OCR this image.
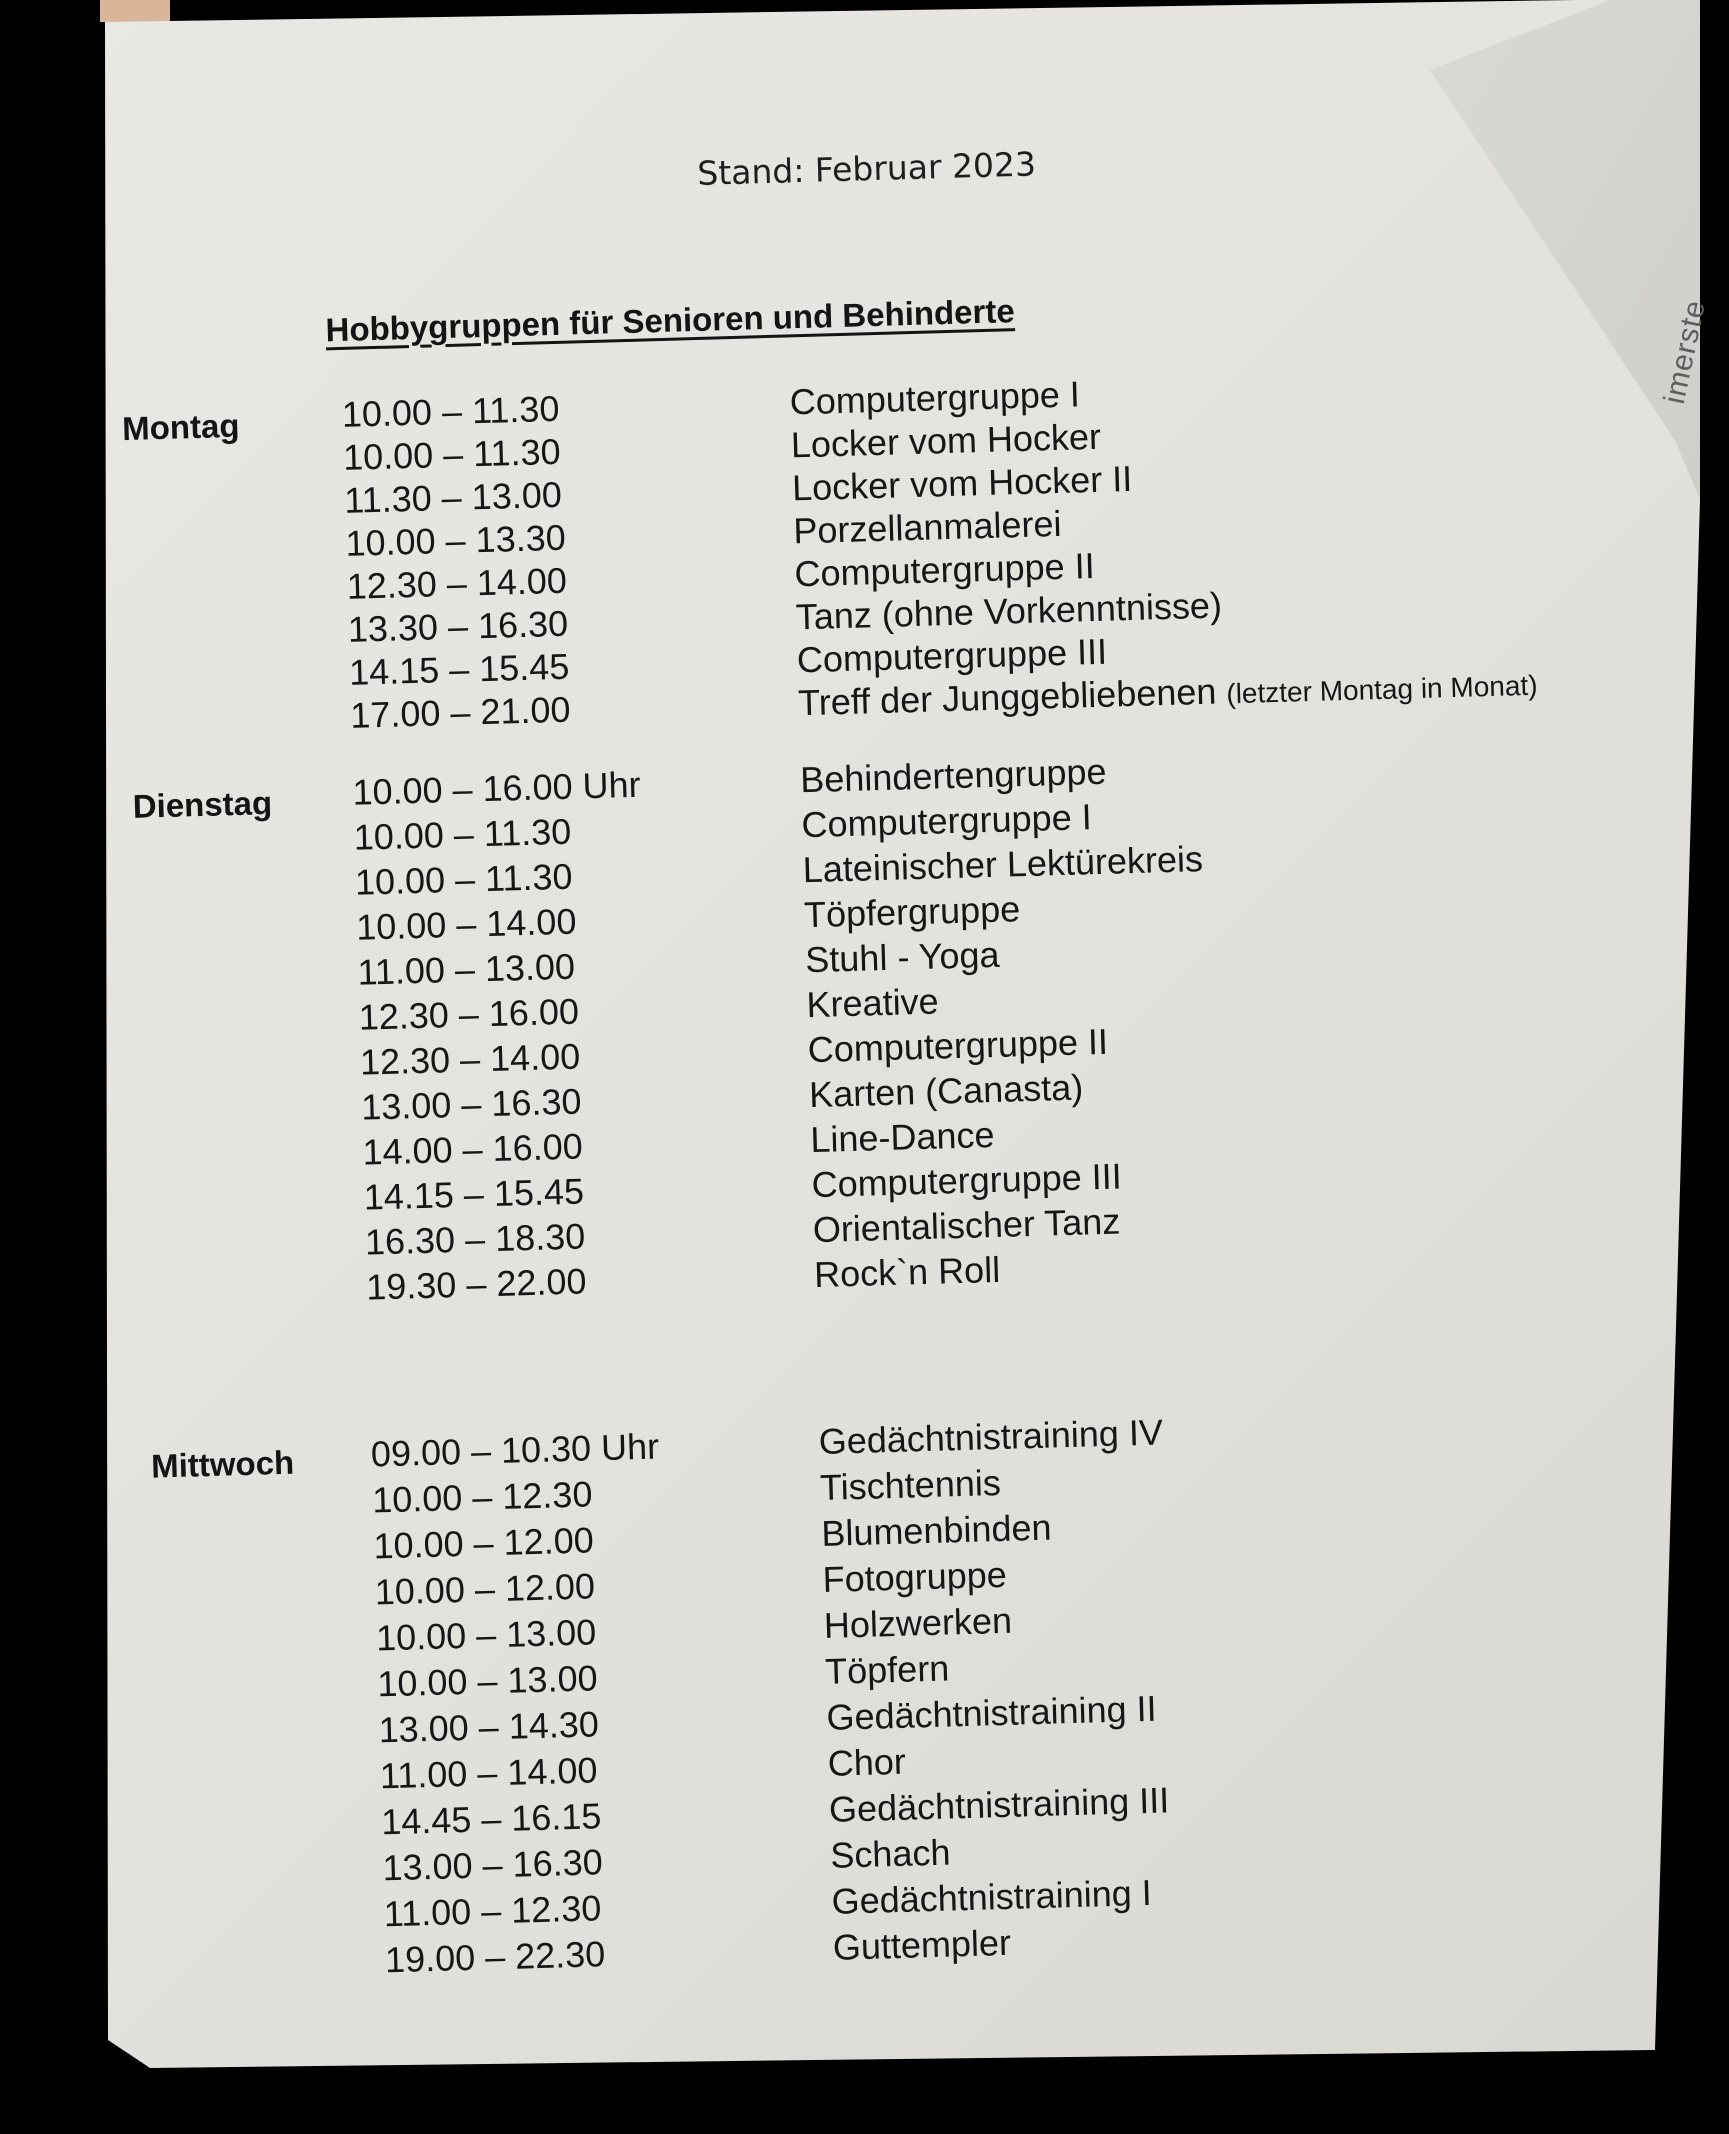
imerste
Stand: Februar 2023
Hobbygruppen für Senioren und Behinderte
Montag	10.00 – 11.30	Computergruppe I
10.00 – 11.30	Locker vom Hocker
11.30 – 13.00	Locker vom Hocker II
10.00 – 13.30	Porzellanmalerei
12.30 – 14.00	Computergruppe II
13.30 – 16.30	Tanz (ohne Vorkenntnisse)
14.15 – 15.45	Computergruppe III
17.00 – 21.00	Treff der Junggebliebenen (letzter Montag in Monat)
Dienstag	10.00 – 16.00 Uhr	Behindertengruppe
10.00 – 11.30	Computergruppe I
10.00 – 11.30	Lateinischer Lektürekreis
10.00 – 14.00	Töpfergruppe
11.00 – 13.00	Stuhl - Yoga
12.30 – 16.00	Kreative
12.30 – 14.00	Computergruppe II
13.00 – 16.30	Karten (Canasta)
14.00 – 16.00	Line-Dance
14.15 – 15.45	Computergruppe III
16.30 – 18.30	Orientalischer Tanz
19.30 – 22.00	Rock`n Roll
Mittwoch	09.00 – 10.30 Uhr	Gedächtnistraining IV
10.00 – 12.30	Tischtennis
10.00 – 12.00	Blumenbinden
10.00 – 12.00	Fotogruppe
10.00 – 13.00	Holzwerken
10.00 – 13.00	Töpfern
13.00 – 14.30	Gedächtnistraining II
11.00 – 14.00	Chor
14.45 – 16.15	Gedächtnistraining III
13.00 – 16.30	Schach
11.00 – 12.30	Gedächtnistraining I
19.00 – 22.30	Guttempler
